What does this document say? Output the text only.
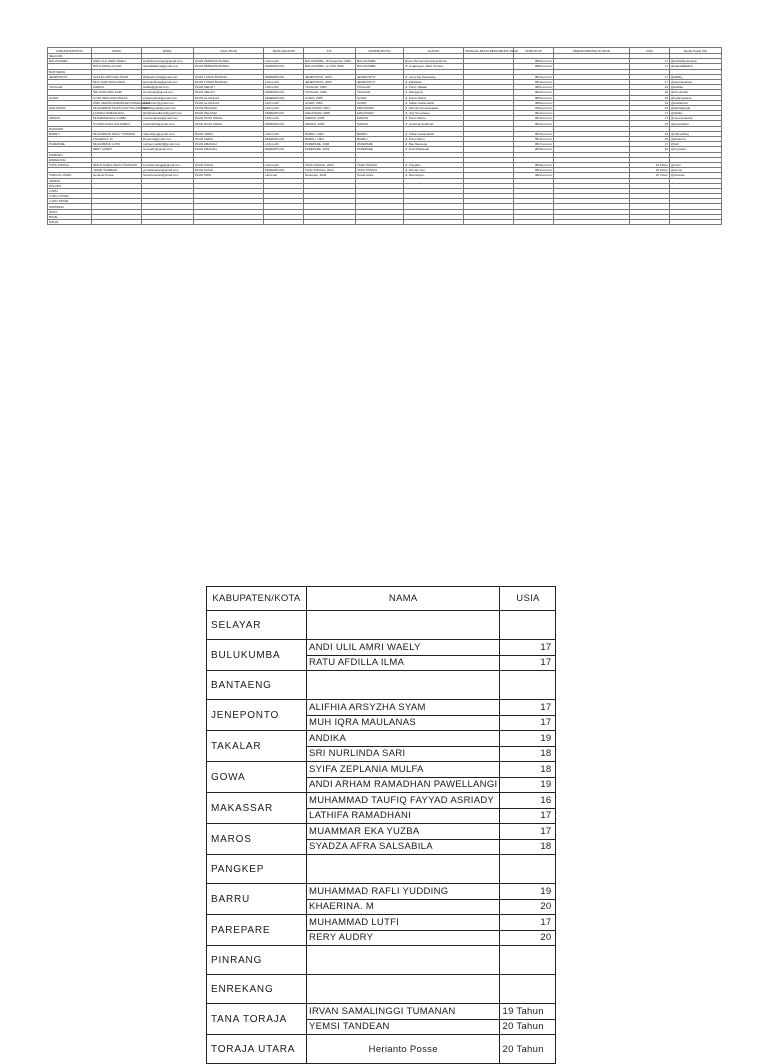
KABUPATEN/KOTA	NAMA	EMAIL	ASAL PAUD	JENIS KELAMIN	TTL	DOMISILI/KOTA	ALAMAT	TANGGAL MULAI BERGABUNG PAUD	NOMOR HP	PERAN/JABATAN DI PAUD	USIA	Media Sosial (IG)
SELAYAR												
BULUKUMBA	ANDI ULIL AMRI WAELY	andiulilamriwaely@gmail.com	PAUD PERMATA BUNDA	LAKI-LAKI	BULUKUMBA, 15 Desember 2006	BULUKUMBA	Dusun Bontomanai Desa Bonto		0853xxxxxxx		17	@andiulilamriwaely
	RATU AFDILLA ILMA	ratuafdillailma@gmail.com	PAUD PERMATA BUNDA	PEREMPUAN	BULUKUMBA, 12 JUNI 2006	BULUKUMBA	Jl. Lingkungan Jalan Tentara		0852xxxxxxx		17	@ratuafdillailma
BANTAENG												
JENEPONTO	ALIFHIA ARSYZHA SYAM	alifhiaarsyzha@gmail.com	PAUD TUNAS BANGSA	PEREMPUAN	JENEPONTO, 2004	JENEPONTO	Jl. Lanto Dg Pasewang		0812xxxxxxx		17	@alifhia_
	MUH IQRA MAULANAS	iqramaulanas@gmail.com	PAUD TUNAS BANGSA	LAKI-LAKI	JENEPONTO, 2006	JENEPONTO	Jl. Pahlawan		0813xxxxxxx		17	@iqramaulanas
TAKALAR	ANDIKA	andika@gmail.com	PAUD MELATI	LAKI-LAKI	TAKALAR, 2004	TAKALAR	Jl. Poros Takalar		0821xxxxxxx		19	@andika
	SRI NURLINDA SARI	srinurlinda@gmail.com	PAUD MELATI	PEREMPUAN	TAKALAR, 2005	TAKALAR	Jl. Ranggong		0822xxxxxxx		18	@srinurlinda
GOWA	SYIFA ZEPLANIA MULFA	syifazeplania@gmail.com	PAUD AL-IKHLAS	PEREMPUAN	GOWA, 2005	GOWA	Jl. Poros Malino		0852xxxxxxx		18	@syifazeplania
	ANDI ARHAM RAMADHAN PAWELLANGI	andiarham@gmail.com	PAUD AL-IKHLAS	LAKI-LAKI	GOWA, 2004	GOWA	Jl. Sultan Hasanuddin		0853xxxxxxx		19	@andiarham
MAKASSAR	MUHAMMAD TAUFIQ FAYYAD ASRIADY	taufiqfayyad@gmail.com	PAUD PELANGI	LAKI-LAKI	MAKASSAR, 2007	MAKASSAR	Jl. Perintis Kemerdekaan		0811xxxxxxx		16	@taufiqfayyad
	LATHIFA RAMADHANI	lathifaramadhani@gmail.com	PAUD PELANGI	PEREMPUAN	MAKASSAR, 2006	MAKASSAR	Jl. Urip Sumoharjo		0812xxxxxxx		17	@lathifa
MAROS	MUAMMAR EKA YUZBA	muammareka@gmail.com	PAUD NUSA INDAH	LAKI-LAKI	MAROS, 2005	MAROS	Jl. Poros Maros		0813xxxxxxx		17	@muammareka
	SYADZA AFRA SALSABILA	syadzaafra@gmail.com	PAUD NUSA INDAH	PEREMPUAN	MAROS, 2005	MAROS	Jl. Jenderal Sudirman		0814xxxxxxx		18	@syadzaafra
PANGKEP												
BARRU	MUHAMMAD RAFLI YUDDING	raflyudding@gmail.com	PAUD CERIA	LAKI-LAKI	BARRU, 2004	BARRU	Jl. Sultan Hasanuddin		0815xxxxxxx		19	@raflyudding
	KHAERINA. M	khaerina@gmail.com	PAUD CERIA	PEREMPUAN	BARRU, 2003	BARRU	Jl. Poros Barru		0816xxxxxxx		20	@khaerina
PAREPARE	MUHAMMAD LUTFI	muhammadlutfi@gmail.com	PAUD AMANAH	LAKI-LAKI	PAREPARE, 2006	PAREPARE	Jl. Bau Massepe		0817xxxxxxx		17	@lutfi
	RERY AUDRY	reryaudry@gmail.com	PAUD AMANAH	PEREMPUAN	PAREPARE, 2003	PAREPARE	Jl. Andi Makkasau		0818xxxxxxx		20	@reryaudry
PINRANG												
ENREKANG												
TANA TORAJA	IRVAN SAMALINGGI TUMANAN	irvansamalinggi@gmail.com	PAUD KASIH	LAKI-LAKI	TANA TORAJA, 2004	TANA TORAJA	Jl. Pongtiku		0819xxxxxxx		19 Tahun	@irvan
	YEMSI TANDEAN	yemsitandean@gmail.com	PAUD KASIH	PEREMPUAN	TANA TORAJA, 2003	TANA TORAJA	Jl. Ahmad Yani		0821xxxxxxx		20 Tahun	@yemsi
TORAJA UTARA	Herianto Posse	heriantoposse@gmail.com	PAUD SION	Laki-Laki	Rantepao, 2003	Toraja Utara	Jl. Diponegoro		0822xxxxxxx		20 Tahun	@herianto
SIDRAP												
PALOPO												
LUWU												
LUWU UTARA												
LUWU TIMUR												
SOPPENG												
WAJO												
BONE												
SINJAI												
KABUPATEN/KOTA	NAMA	USIA
SELAYAR		
BULUKUMBA	ANDI ULIL AMRI WAELY	17
	RATU AFDILLA ILMA	17
BANTAENG		
JENEPONTO	ALIFHIA ARSYZHA SYAM	17
	MUH IQRA MAULANAS	17
TAKALAR	ANDIKA	19
	SRI NURLINDA SARI	18
GOWA	SYIFA ZEPLANIA MULFA	18
	ANDI ARHAM RAMADHAN PAWELLANGI	19
MAKASSAR	MUHAMMAD TAUFIQ FAYYAD ASRIADY	16
	LATHIFA RAMADHANI	17
MAROS	MUAMMAR EKA YUZBA	17
	SYADZA AFRA SALSABILA	18
PANGKEP		
BARRU	MUHAMMAD RAFLI YUDDING	19
	KHAERINA. M	20
PAREPARE	MUHAMMAD LUTFI	17
	RERY AUDRY	20
PINRANG		
ENREKANG		
TANA TORAJA	IRVAN SAMALINGGI TUMANAN	19 Tahun
	YEMSI TANDEAN	20 Tahun
TORAJA UTARA	Herianto Posse	20 Tahun
